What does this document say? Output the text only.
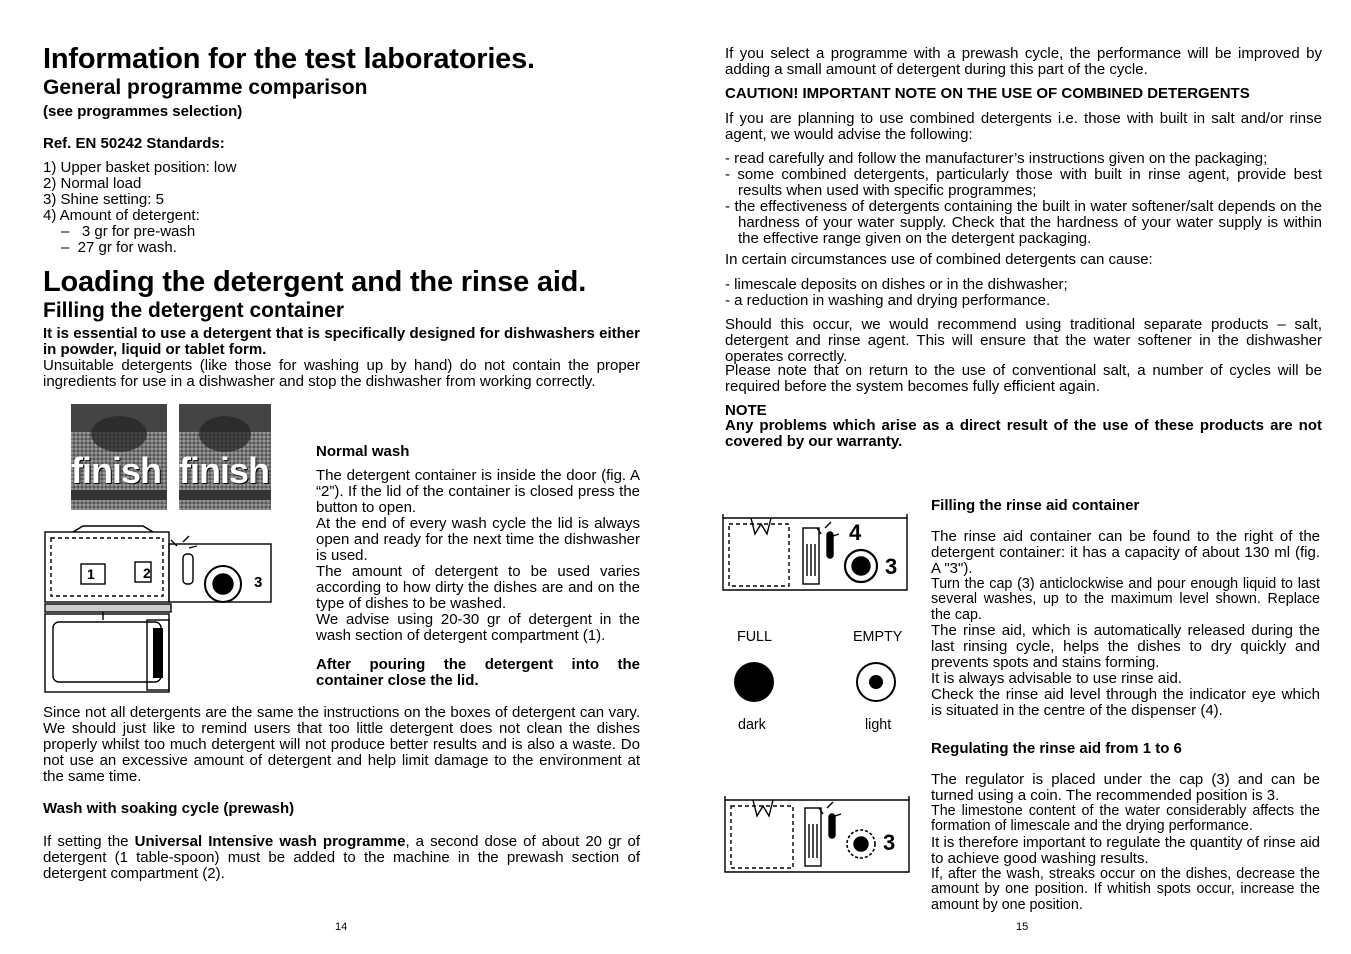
Information for the test laboratories.
General programme comparison

(see programmes selection)

Ref. EN 50242 Standards:

1) Upper basket position: low

2) Normal load

3) Shine setting: 5

4) Amount of detergent:

–   3 gr for pre-wash

–  27 gr for wash.

Loading the detergent and the rinse aid.
Filling the detergent container

It is essential to use a detergent that is specifically designed for dishwashers either in powder, liquid or tablet form.

Unsuitable detergents (like those for washing up by hand) do not contain the proper ingredients for use in a dishwasher and stop the dishwasher from working correctly.

finish finish
1	2
3

Normal wash

The detergent container is inside the door (fig. A “2”). If the lid of the container is closed press the button to open.

At the end of every wash cycle the lid is always open and ready for the next time the dishwasher is used.

The amount of detergent to be used varies according to how dirty the dishes are and on the type of dishes to be washed.

We advise using 20-30 gr of detergent in the wash section of detergent compartment (1).

After pouring the detergent into the container close the lid.

Since not all detergents are the same the instructions on the boxes of detergent can vary. We should just like to remind users that too little detergent does not clean the dishes properly whilst too much detergent will not produce better results and is also a waste. Do not use an excessive amount of detergent and help limit damage to the environment at the same time.

Wash with soaking cycle (prewash)

If setting the Universal Intensive wash programme, a second dose of about 20 gr of detergent (1 table-spoon) must be added to the machine in the prewash section of detergent compartment (2).

14

If you select a programme with a prewash cycle, the performance will be improved by adding a small amount of detergent during this part of the cycle.

CAUTION! IMPORTANT NOTE ON THE USE OF COMBINED DETERGENTS

If you are planning to use combined detergents i.e. those with built in salt and/or rinse agent, we would advise the following:

- read carefully and follow the manufacturer’s instructions given on the packaging;

- some combined detergents, particularly those with built in rinse agent, provide best results when used with specific programmes;

- the effectiveness of detergents containing the built in water softener/salt depends on the hardness of your water supply. Check that the hardness of your water supply is within the effective range given on the detergent packaging.

In certain circumstances use of combined detergents can cause:

- limescale deposits on dishes or in the dishwasher;

- a reduction in washing and drying performance.

Should this occur, we would recommend using traditional separate products – salt, detergent and rinse agent. This will ensure that the water softener in the dishwasher operates correctly.

Please note that on return to the use of conventional salt, a number of cycles will be required before the system becomes fully efficient again.

NOTE

Any problems which arise as a direct result of the use of these products are not covered by our warranty.

4
3

FULL	EMPTY

dark	light

Filling the rinse aid container

The rinse aid container can be found to the right of the detergent container: it has a capacity of about 130 ml (fig. A "3").

Turn the cap (3) anticlockwise and pour enough liquid to last several washes, up to the maximum level shown. Replace the cap.

The rinse aid, which is automatically released during the last rinsing cycle, helps the dishes to dry quickly and prevents spots and stains forming.

It is always advisable to use rinse aid.

Check the rinse aid level through the indicator eye which is situated in the centre of the dispenser (4).

Regulating the rinse aid from 1 to 6

3

The regulator is placed under the cap (3) and can be turned using a coin. The recommended position is 3.

The limestone content of the water considerably affects the formation of limescale and the drying performance.

It is therefore important to regulate the quantity of rinse aid to achieve good washing results.

If, after the wash, streaks occur on the dishes, decrease the amount by one position. If whitish spots occur, increase the amount by one position.

15
